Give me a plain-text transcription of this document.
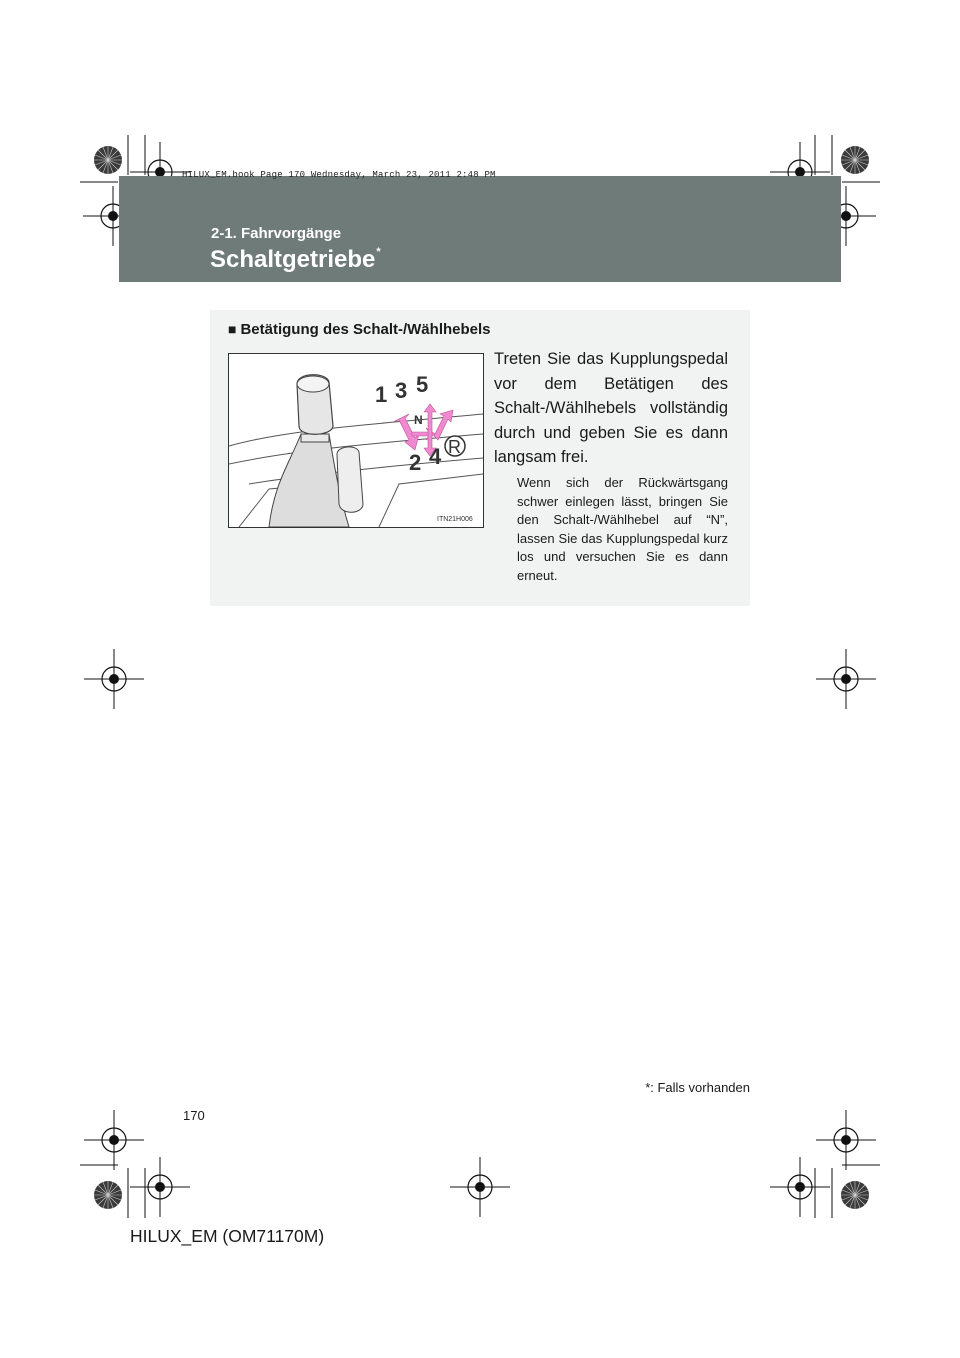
HILUX_EM.book Page 170 Wednesday, March 23, 2011 2:48 PM
2-1. Fahrvorgänge
Schaltgetriebe*
■ Betätigung des Schalt-/Wählhebels
1 3 5
N
2 4 R
ITN21H006
Treten Sie das Kupplungspedal vor dem Betätigen des Schalt-/Wählhebels vollständig durch und geben Sie es dann langsam frei.
Wenn sich der Rückwärtsgang schwer einlegen lässt, bringen Sie den Schalt-/Wählhebel auf “N”, lassen Sie das Kupplungspedal kurz los und versuchen Sie es dann erneut.
*: Falls vorhanden
170
HILUX_EM (OM71170M)
